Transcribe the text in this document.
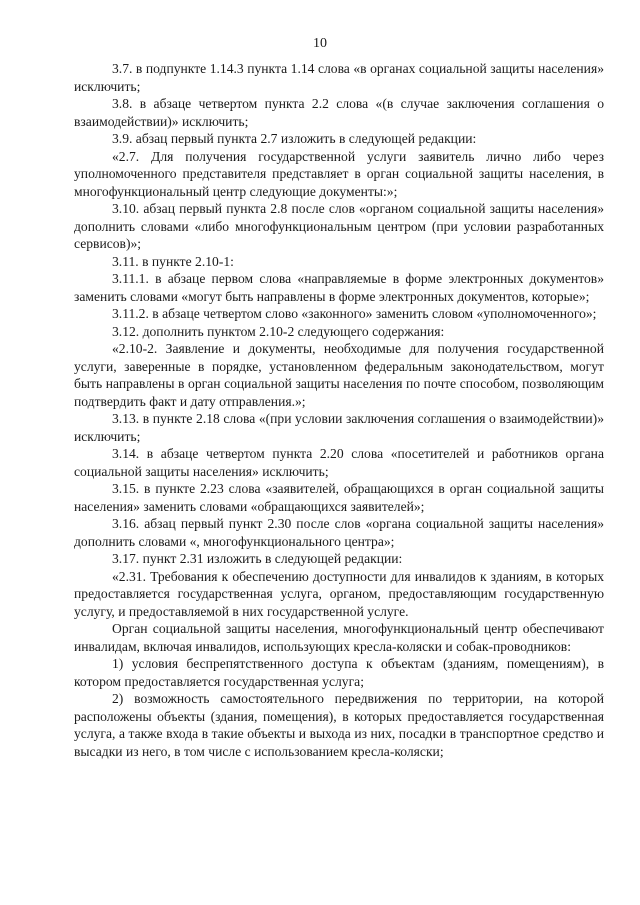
10

3.7. в подпункте 1.14.3 пункта 1.14 слова «в органах социальной защиты населения» исключить;

3.8. в абзаце четвертом пункта 2.2 слова «(в случае заключения соглашения о взаимодействии)» исключить;

3.9. абзац первый пункта 2.7 изложить в следующей редакции:

«2.7. Для получения государственной услуги заявитель лично либо через уполномоченного представителя представляет в орган социальной защиты населения, в многофункциональный центр следующие документы:»;

3.10. абзац первый пункта 2.8 после слов «органом социальной защиты населения» дополнить словами «либо многофункциональным центром (при условии разработанных сервисов)»;

3.11. в пункте 2.10-1:

3.11.1. в абзаце первом слова «направляемые в форме электронных документов» заменить словами «могут быть направлены в форме электронных документов, которые»;

3.11.2. в абзаце четвертом слово «законного» заменить словом «уполномоченного»;

3.12. дополнить пунктом 2.10-2 следующего содержания:

«2.10-2. Заявление и документы, необходимые для получения государственной услуги, заверенные в порядке, установленном федеральным законодательством, могут быть направлены в орган социальной защиты населения по почте способом, позволяющим подтвердить факт и дату отправления.»;

3.13. в пункте 2.18 слова «(при условии заключения соглашения о взаимодействии)» исключить;

3.14. в абзаце четвертом пункта 2.20 слова «посетителей и работников органа социальной защиты населения» исключить;

3.15. в пункте 2.23 слова «заявителей, обращающихся в орган социальной защиты населения» заменить словами «обращающихся заявителей»;

3.16. абзац первый пункт 2.30 после слов «органа социальной защиты населения» дополнить словами «, многофункционального центра»;

3.17. пункт 2.31 изложить в следующей редакции:

«2.31. Требования к обеспечению доступности для инвалидов к зданиям, в которых предоставляется государственная услуга, органом, предоставляющим государственную услугу, и предоставляемой в них государственной услуге.

Орган социальной защиты населения, многофункциональный центр обеспечивают инвалидам, включая инвалидов, использующих кресла-коляски и собак-проводников:

1) условия беспрепятственного доступа к объектам (зданиям, помещениям), в котором предоставляется государственная услуга;

2) возможность самостоятельного передвижения по территории, на которой расположены объекты (здания, помещения), в которых предоставляется государственная услуга, а также входа в такие объекты и выхода из них, посадки в транспортное средство и высадки из него, в том числе с использованием кресла-коляски;
